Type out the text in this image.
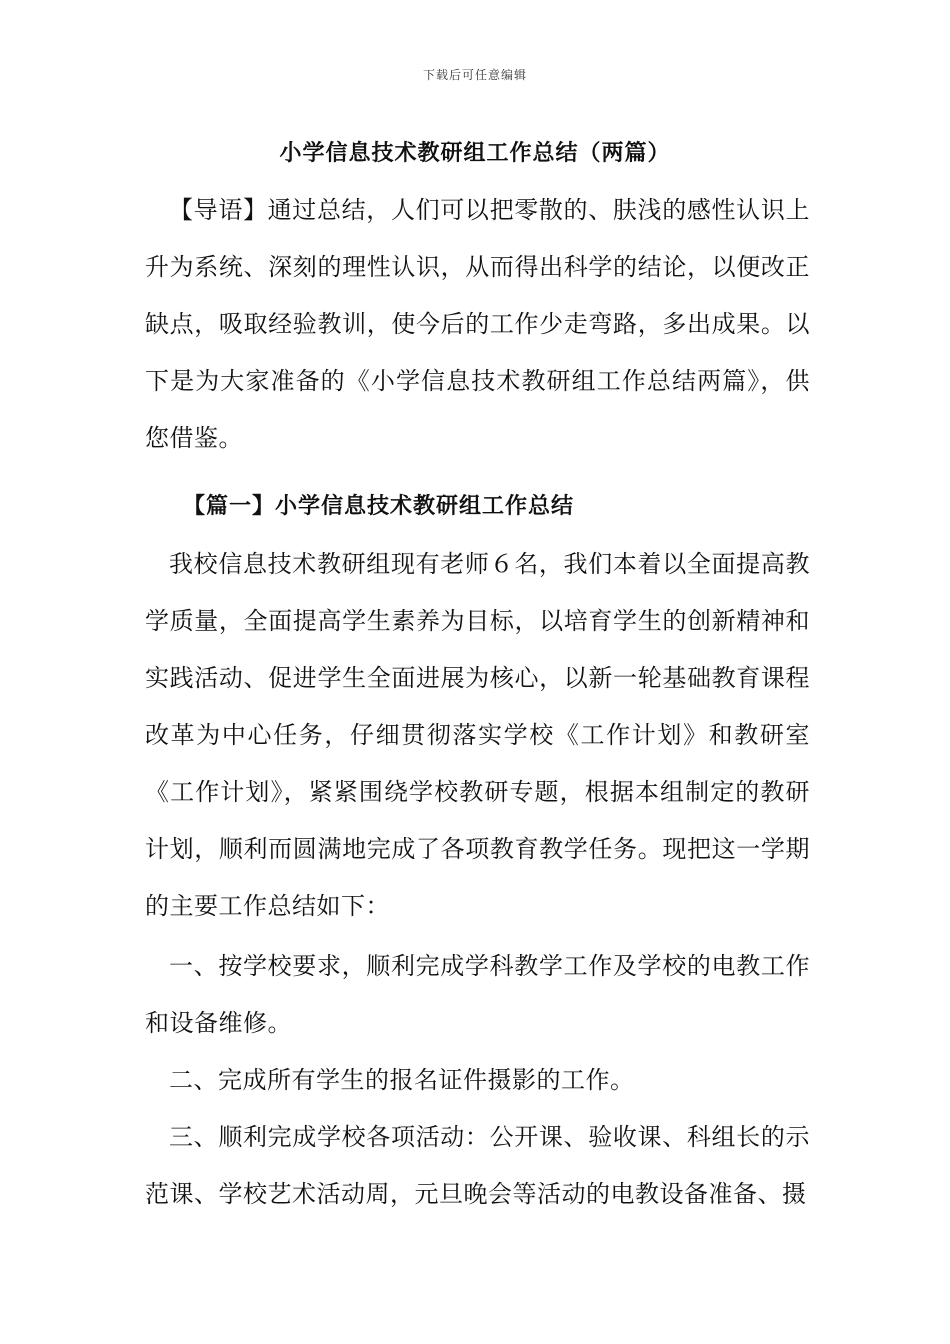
下载后可任意编辑
小学信息技术教研组工作总结（两篇）

【导语】通过总结，人们可以把零散的、肤浅的感性认识上升为系统、深刻的理性认识，从而得出科学的结论，以便改正缺点，吸取经验教训，使今后的工作少走弯路，多出成果。以下是为大家准备的《小学信息技术教研组工作总结两篇》，供您借鉴。

【篇一】小学信息技术教研组工作总结

我校信息技术教研组现有老师６名，我们本着以全面提高教学质量，全面提高学生素养为目标，以培育学生的创新精神和实践活动、促进学生全面进展为核心，以新一轮基础教育课程改革为中心任务，仔细贯彻落实学校《工作计划》和教研室《工作计划》，紧紧围绕学校教研专题，根据本组制定的教研计划，顺利而圆满地完成了各项教育教学任务。现把这一学期的主要工作总结如下：

一、按学校要求，顺利完成学科教学工作及学校的电教工作和设备维修。

二、完成所有学生的报名证件摄影的工作。

三、顺利完成学校各项活动：公开课、验收课、科组长的示范课、学校艺术活动周，元旦晚会等活动的电教设备准备、摄
